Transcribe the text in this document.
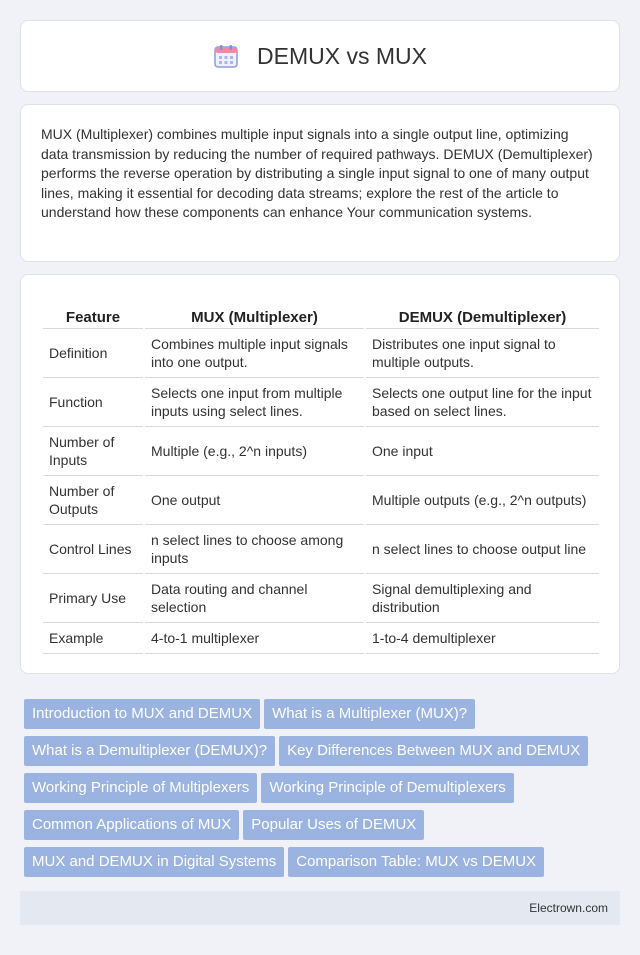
DEMUX vs MUX

MUX (Multiplexer) combines multiple input signals into a single output line, optimizing data transmission by reducing the number of required pathways. DEMUX (Demultiplexer) performs the reverse operation by distributing a single input signal to one of many output lines, making it essential for decoding data streams; explore the rest of the article to understand how these components can enhance Your communication systems.

Feature	MUX (Multiplexer)	DEMUX (Demultiplexer)
Definition	Combines multiple input signals into one output.	Distributes one input signal to multiple outputs.
Function	Selects one input from multiple inputs using select lines.	Selects one output line for the input based on select lines.
Number of Inputs	Multiple (e.g., 2^n inputs)	One input
Number of Outputs	One output	Multiple outputs (e.g., 2^n outputs)
Control Lines	n select lines to choose among inputs	n select lines to choose output line
Primary Use	Data routing and channel selection	Signal demultiplexing and distribution
Example	4-to-1 multiplexer	1-to-4 demultiplexer
Introduction to MUX and DEMUX What is a Multiplexer (MUX)?
What is a Demultiplexer (DEMUX)? Key Differences Between MUX and DEMUX
Working Principle of Multiplexers Working Principle of Demultiplexers
Common Applications of MUX Popular Uses of DEMUX
MUX and DEMUX in Digital Systems Comparison Table: MUX vs DEMUX
Electrown.com
